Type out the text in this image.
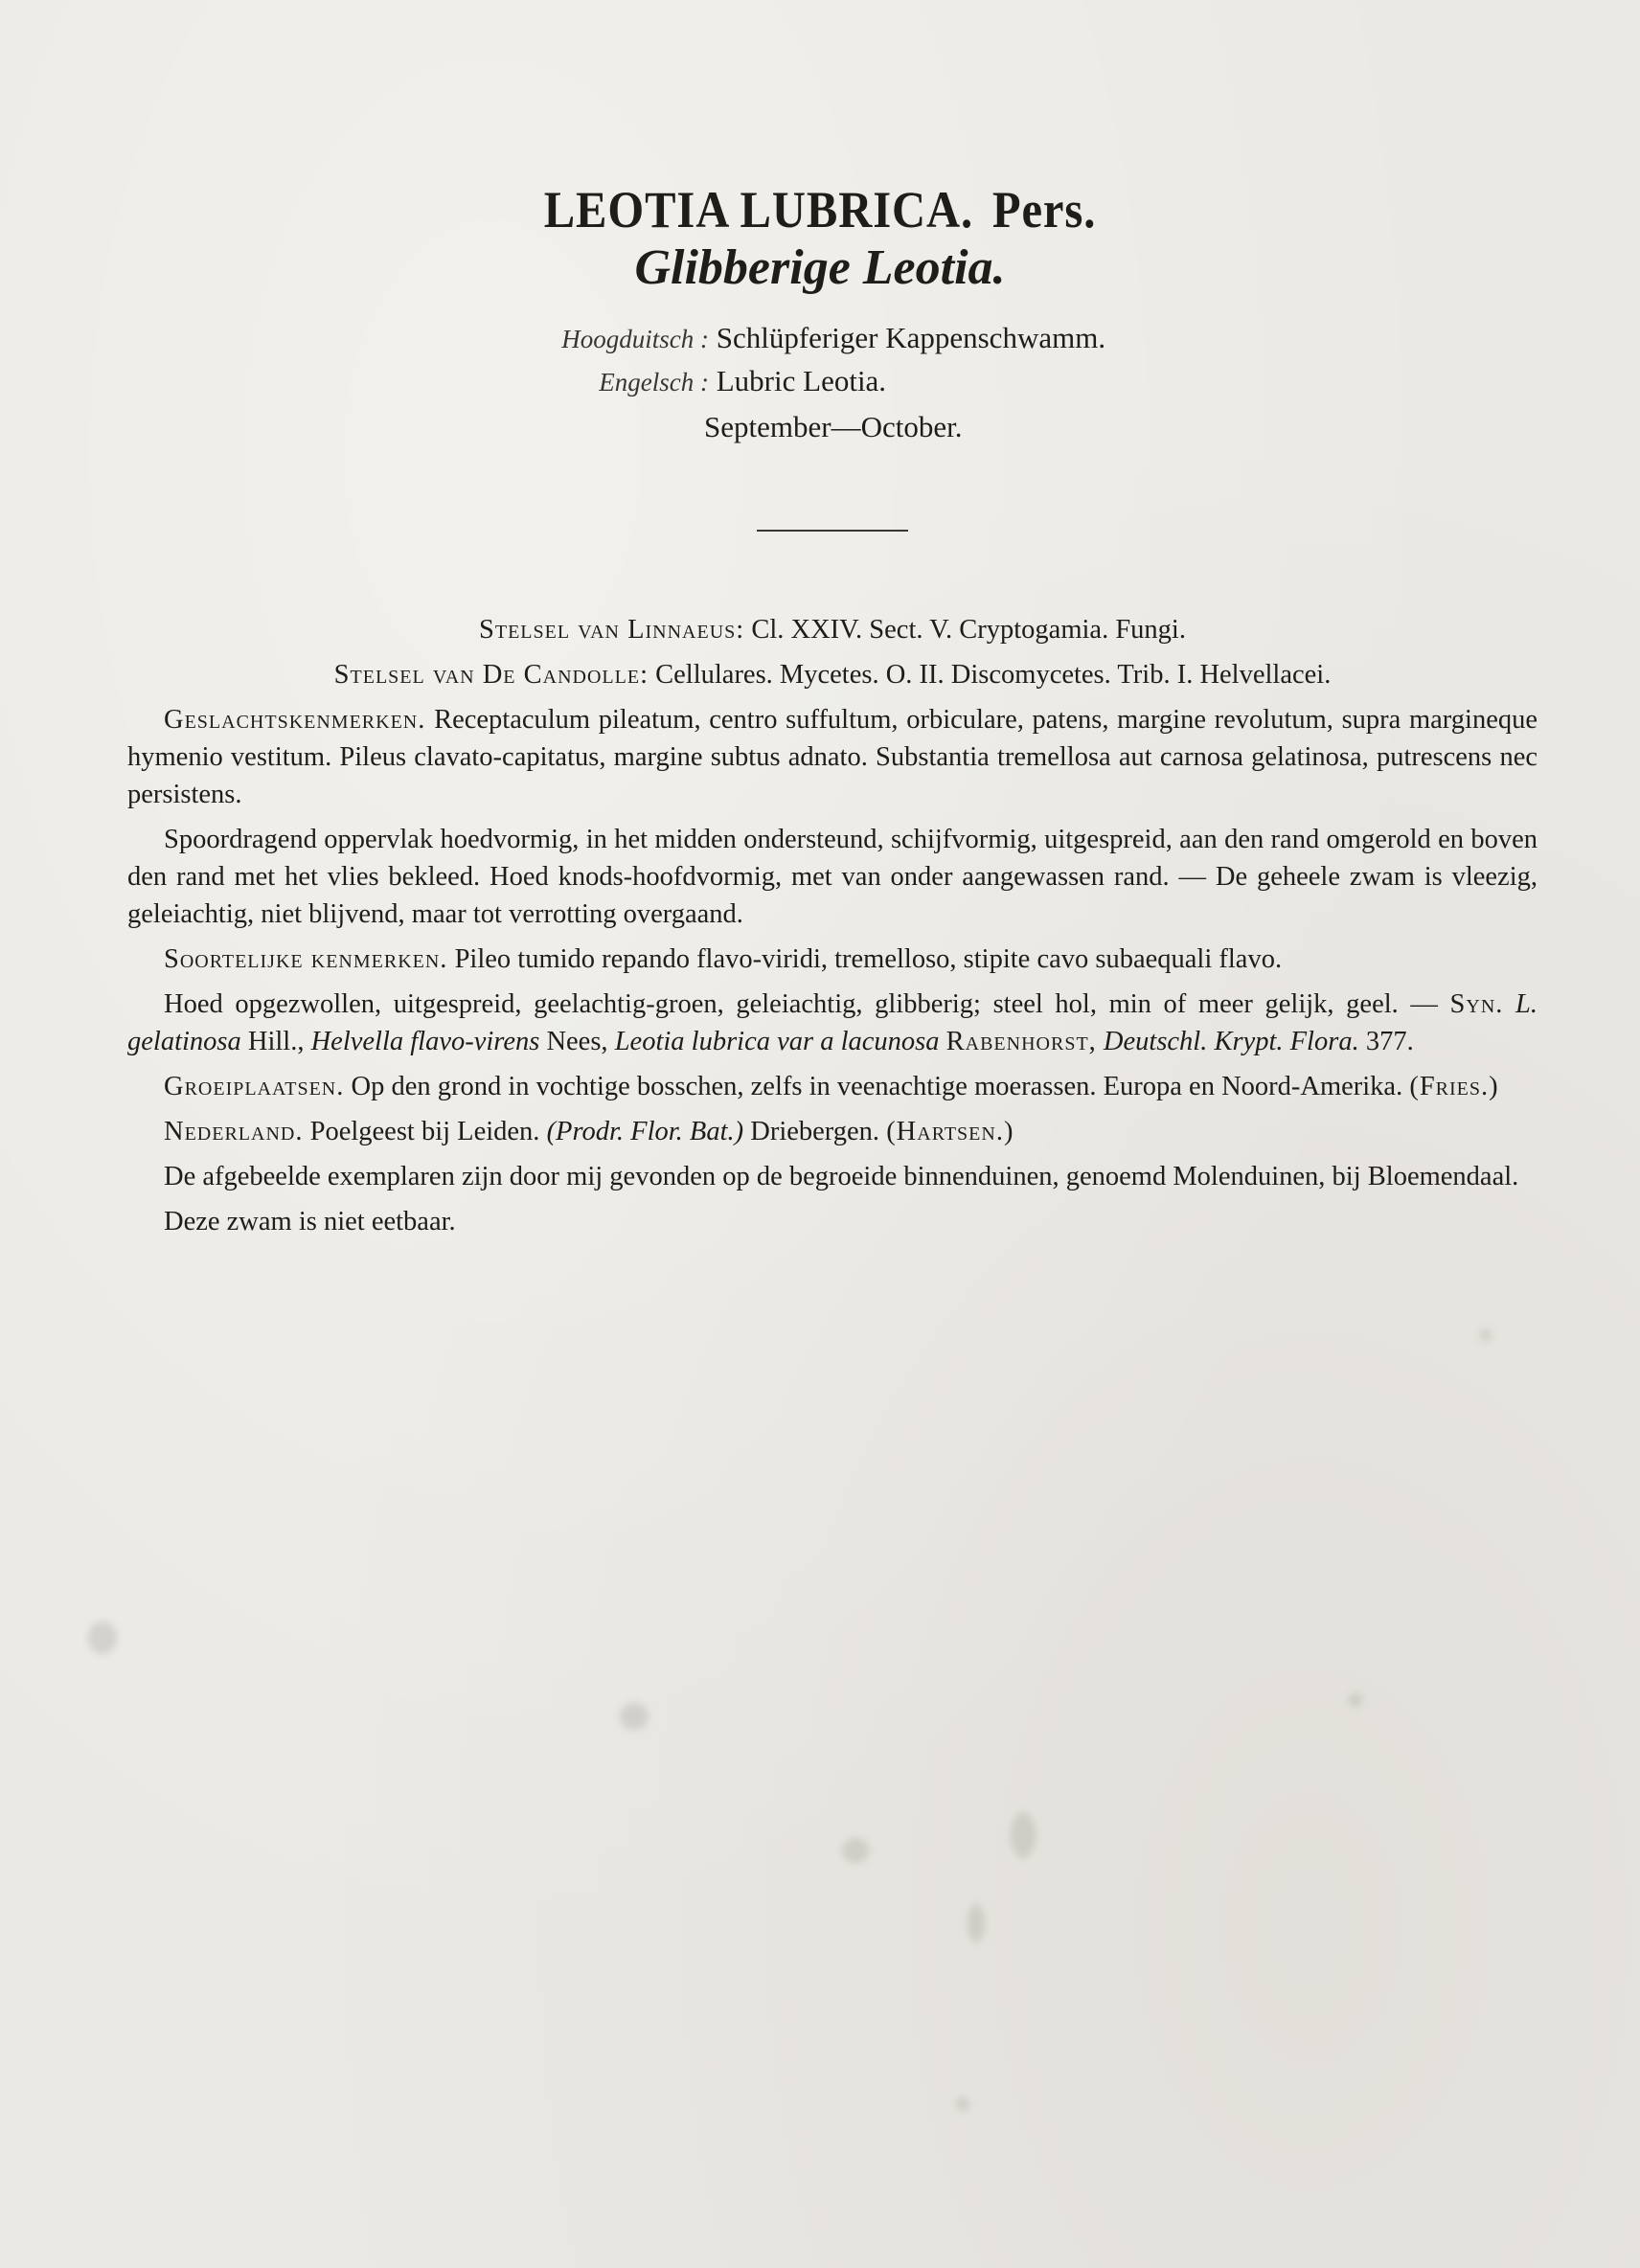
LEOTIA LUBRICA. Pers.
Glibberige Leotia.
Hoogduitsch : Schlüpferiger Kappenschwamm.
Engelsch : Lubric Leotia.
September—October.

Stelsel van Linnaeus: Cl. XXIV. Sect. V. Cryptogamia. Fungi.

Stelsel van De Candolle: Cellulares. Mycetes. O. II. Discomycetes. Trib. I. Helvellacei.

Geslachtskenmerken. Receptaculum pileatum, centro suffultum, orbiculare, patens, margine revolutum, supra margineque hymenio vestitum. Pileus clavato-capitatus, margine subtus adnato. Substantia tremellosa aut carnosa gelatinosa, putrescens nec persistens.

Spoordragend oppervlak hoedvormig, in het midden ondersteund, schijfvormig, uitgespreid, aan den rand omgerold en boven den rand met het vlies bekleed. Hoed knods-hoofdvormig, met van onder aangewassen rand. — De geheele zwam is vleezig, geleiachtig, niet blijvend, maar tot verrotting overgaand.

Soortelijke kenmerken. Pileo tumido repando flavo-viridi, tremelloso, stipite cavo subaequali flavo.

Hoed opgezwollen, uitgespreid, geelachtig-groen, geleiachtig, glibberig; steel hol, min of meer gelijk, geel. — Syn. L. gelatinosa Hill., Helvella flavo-virens Nees, Leotia lubrica var a lacunosa Rabenhorst, Deutschl. Krypt. Flora. 377.

Groeiplaatsen. Op den grond in vochtige bosschen, zelfs in veenachtige moerassen. Europa en Noord-Amerika. (Fries.)

Nederland. Poelgeest bij Leiden. (Prodr. Flor. Bat.) Driebergen. (Hartsen.)

De afgebeelde exemplaren zijn door mij gevonden op de begroeide binnenduinen, genoemd Molenduinen, bij Bloemendaal.

Deze zwam is niet eetbaar.
